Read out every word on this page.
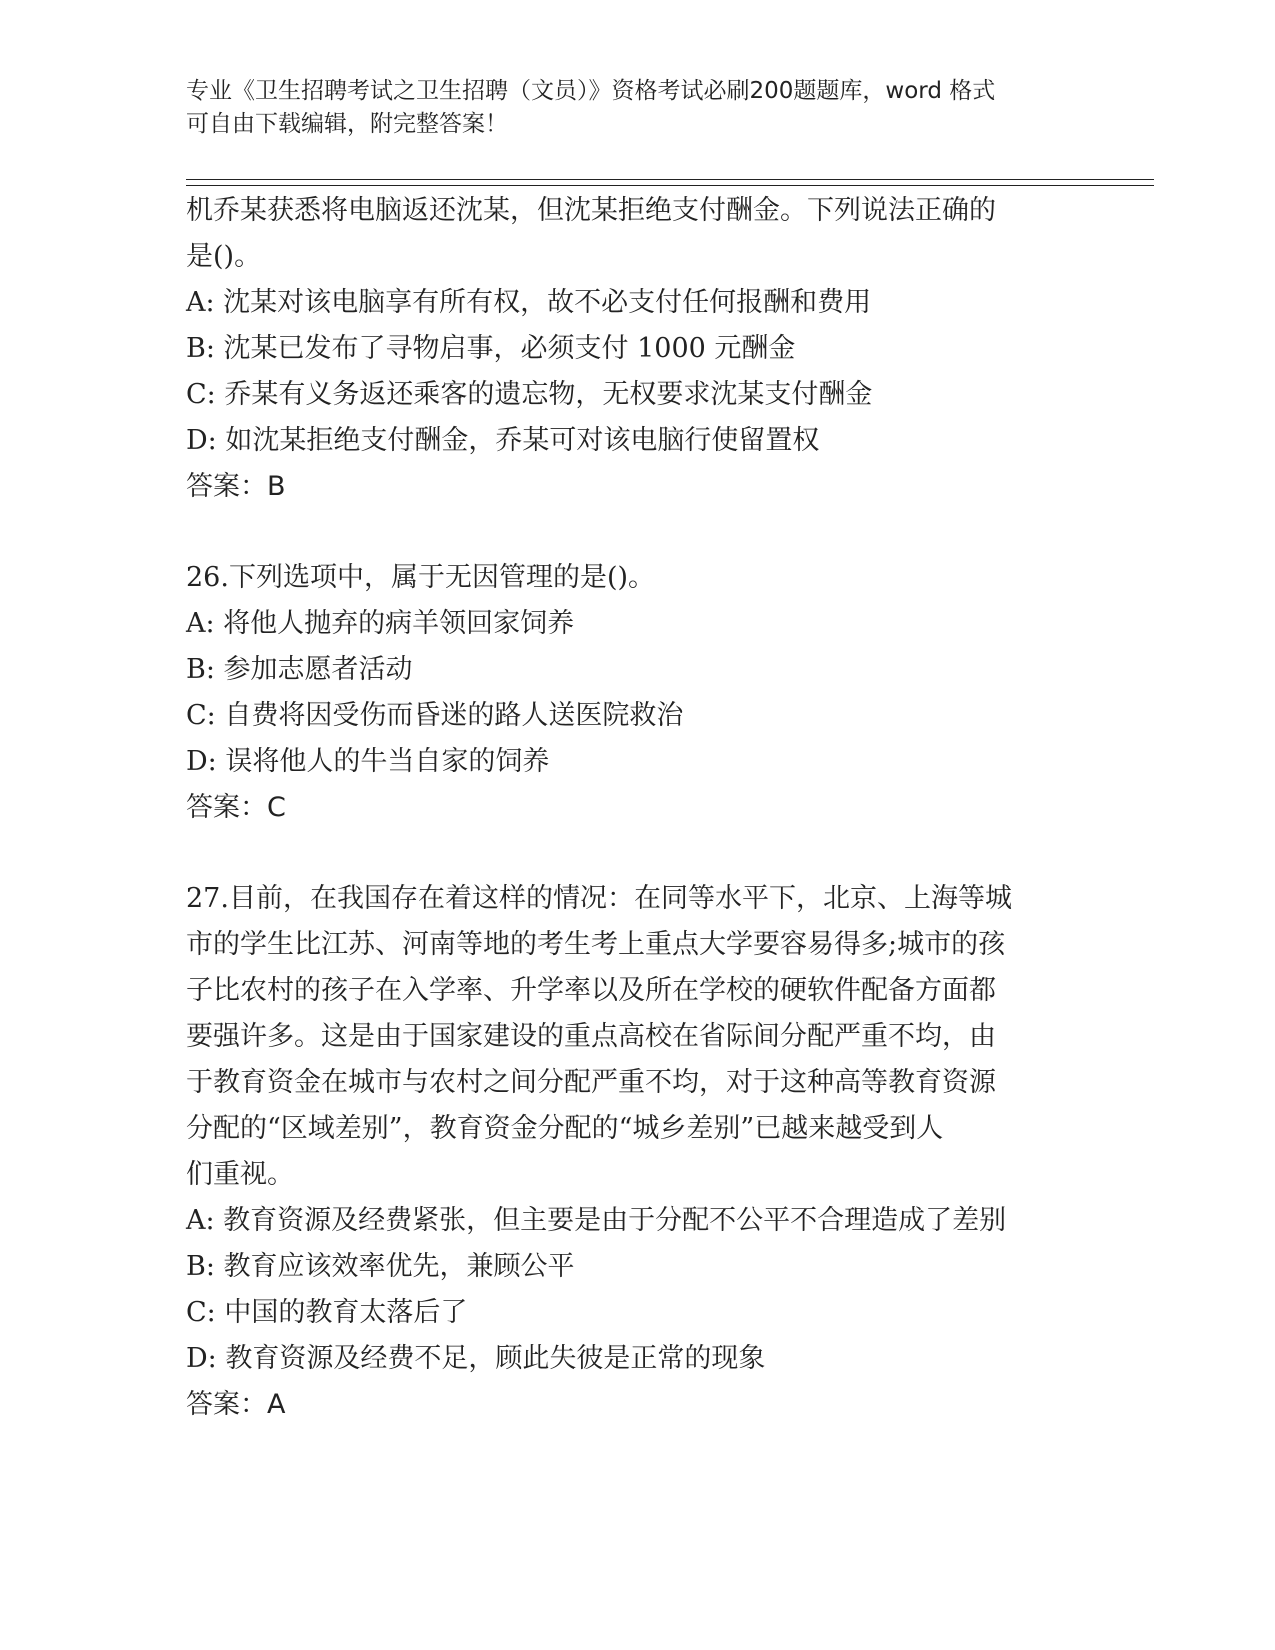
专业《卫生招聘考试之卫生招聘（文员）》资格考试必刷200题题库，word 格式
可自由下载编辑，附完整答案！
机乔某获悉将电脑返还沈某，但沈某拒绝支付酬金。下列说法正确的
是()。
A: 沈某对该电脑享有所有权，故不必支付任何报酬和费用
B: 沈某已发布了寻物启事，必须支付 1000 元酬金
C: 乔某有义务返还乘客的遗忘物，无权要求沈某支付酬金
D: 如沈某拒绝支付酬金，乔某可对该电脑行使留置权
答案：B
26.下列选项中，属于无因管理的是()。
A: 将他人抛弃的病羊领回家饲养
B: 参加志愿者活动
C: 自费将因受伤而昏迷的路人送医院救治
D: 误将他人的牛当自家的饲养
答案：C
27.目前，在我国存在着这样的情况：在同等水平下，北京、上海等城
市的学生比江苏、河南等地的考生考上重点大学要容易得多;城市的孩
子比农村的孩子在入学率、升学率以及所在学校的硬软件配备方面都
要强许多。这是由于国家建设的重点高校在省际间分配严重不均，由
于教育资金在城市与农村之间分配严重不均，对于这种高等教育资源
分配的“区域差别”，教育资金分配的“城乡差别”已越来越受到人
们重视。
A: 教育资源及经费紧张，但主要是由于分配不公平不合理造成了差别
B: 教育应该效率优先，兼顾公平
C: 中国的教育太落后了
D: 教育资源及经费不足，顾此失彼是正常的现象
答案：A
